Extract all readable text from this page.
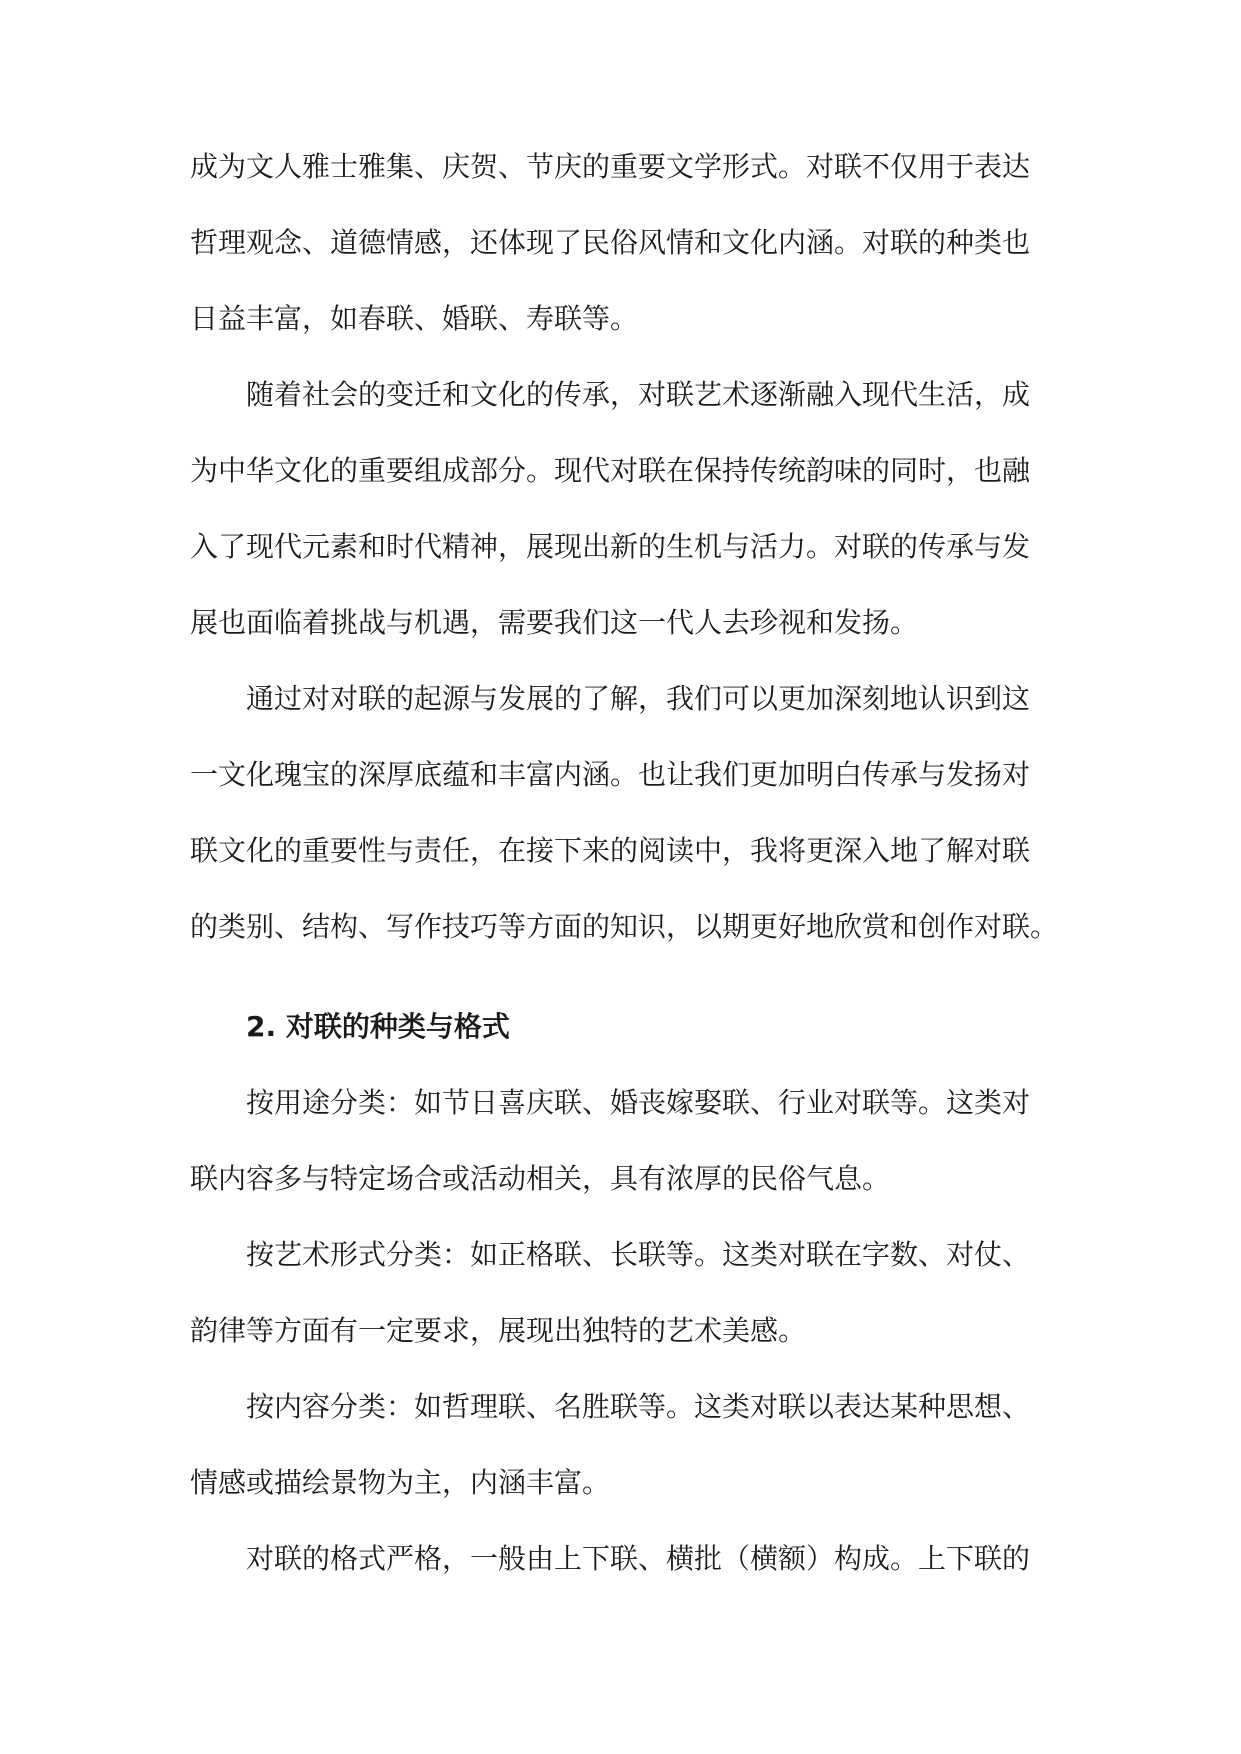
成为文人雅士雅集、庆贺、节庆的重要文学形式。对联不仅用于表达
哲理观念、道德情感，还体现了民俗风情和文化内涵。对联的种类也
日益丰富，如春联、婚联、寿联等。
随着社会的变迁和文化的传承，对联艺术逐渐融入现代生活，成
为中华文化的重要组成部分。现代对联在保持传统韵味的同时，也融
入了现代元素和时代精神，展现出新的生机与活力。对联的传承与发
展也面临着挑战与机遇，需要我们这一代人去珍视和发扬。
通过对对联的起源与发展的了解，我们可以更加深刻地认识到这
一文化瑰宝的深厚底蕴和丰富内涵。也让我们更加明白传承与发扬对
联文化的重要性与责任，在接下来的阅读中，我将更深入地了解对联
的类别、结构、写作技巧等方面的知识，以期更好地欣赏和创作对联。
2. 对联的种类与格式
按用途分类：如节日喜庆联、婚丧嫁娶联、行业对联等。这类对
联内容多与特定场合或活动相关，具有浓厚的民俗气息。
按艺术形式分类：如正格联、长联等。这类对联在字数、对仗、
韵律等方面有一定要求，展现出独特的艺术美感。
按内容分类：如哲理联、名胜联等。这类对联以表达某种思想、
情感或描绘景物为主，内涵丰富。
对联的格式严格，一般由上下联、横批（横额）构成。上下联的
